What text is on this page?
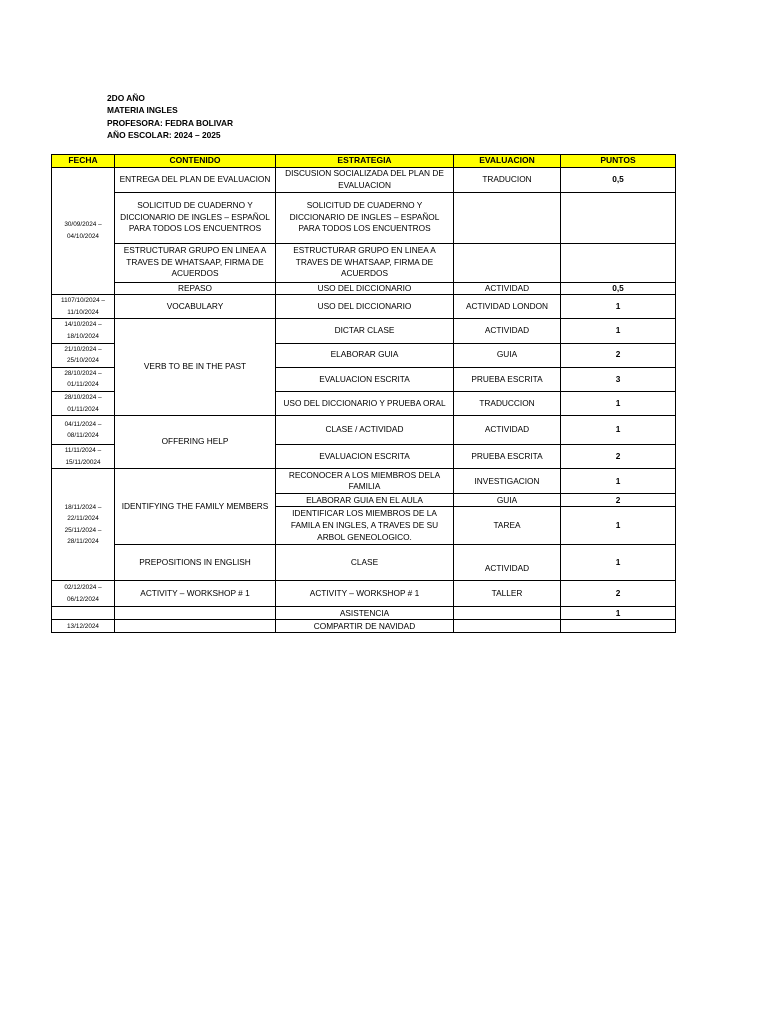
2DO AÑO
MATERIA INGLES
PROFESORA: FEDRA BOLIVAR
AÑO ESCOLAR: 2024 – 2025
FECHA	CONTENIDO	ESTRATEGIA	EVALUACION	PUNTOS
30/09/2024 – 04/10/2024	ENTREGA DEL PLAN DE EVALUACION	DISCUSION SOCIALIZADA DEL PLAN DE EVALUACION	TRADUCION	0,5
	SOLICITUD DE CUADERNO Y DICCIONARIO DE INGLES – ESPAÑOL PARA TODOS LOS ENCUENTROS	SOLICITUD DE CUADERNO Y DICCIONARIO DE INGLES – ESPAÑOL PARA TODOS LOS ENCUENTROS		
	ESTRUCTURAR GRUPO EN LINEA A TRAVES DE WHATSAAP, FIRMA DE ACUERDOS	ESTRUCTURAR GRUPO EN LINEA A TRAVES DE WHATSAAP, FIRMA DE ACUERDOS		
	REPASO	USO DEL DICCIONARIO	ACTIVIDAD	0,5
1107/10/2024 – 11/10/2024	VOCABULARY	USO DEL DICCIONARIO	ACTIVIDAD LONDON	1
14/10/2024 – 18/10/2024	VERB TO BE IN THE PAST	DICTAR CLASE	ACTIVIDAD	1
21/10/2024 – 25/10/2024		ELABORAR GUIA	GUIA	2
28/10/2024 – 01/11/2024		EVALUACION ESCRITA	PRUEBA ESCRITA	3
28/10/2024 – 01/11/2024		USO DEL DICCIONARIO Y PRUEBA ORAL	TRADUCCION	1
04/11/2024 – 08/11/2024	OFFERING HELP	CLASE / ACTIVIDAD	ACTIVIDAD	1
11/11/2024 – 15/11/20024		EVALUACION ESCRITA	PRUEBA ESCRITA	2
18/11/2024 – 22/11/2024 25/11/2024 – 28/11/2024	IDENTIFYING THE FAMILY MEMBERS	RECONOCER A LOS MIEMBROS DELA FAMILIA	INVESTIGACION	1
		ELABORAR GUIA EN EL AULA	GUIA	2
		IDENTIFICAR LOS MIEMBROS DE LA FAMILA EN INGLES, A TRAVES DE SU ARBOL GENEOLOGICO.	TAREA	1
	PREPOSITIONS IN ENGLISH	CLASE	ACTIVIDAD	1
02/12/2024 – 06/12/2024	ACTIVITY – WORKSHOP # 1	ACTIVITY – WORKSHOP # 1	TALLER	2
		ASISTENCIA		1
13/12/2024		COMPARTIR DE NAVIDAD		
